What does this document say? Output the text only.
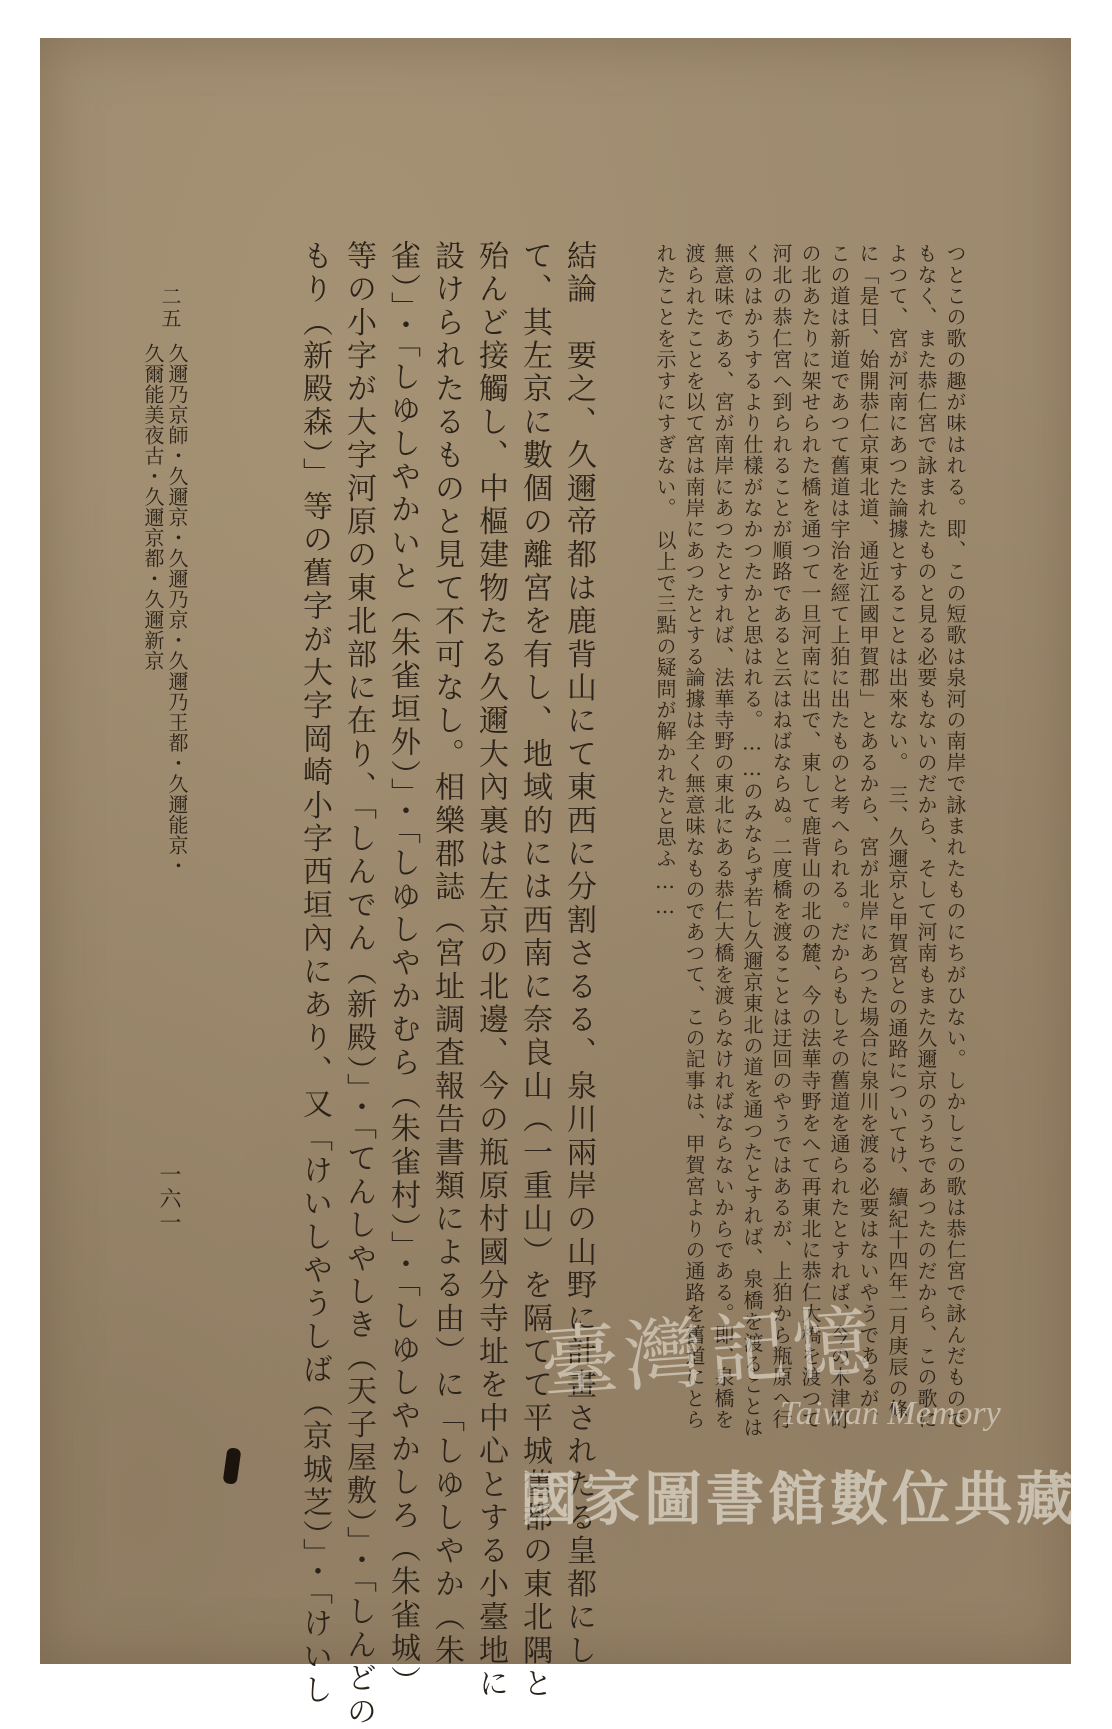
つとこの歌の趣が味はれる。即、この短歌は泉河の南岸で詠まれたものにちがひない。しかしこの歌は恭仁宮で詠んだもので
もなく、また恭仁宮で詠まれたものと見る必要もないのだから、そして河南もまた久邇京のうちであつたのだから、この歌に
よつて、宮が河南にあつた論據とすることは出來ない。　三、久邇京と甲賀宮との通路についてけ、續紀十四年二月庚辰の條
に「是日、始開恭仁京東北道、通近江國甲賀郡」とあるから、宮が北岸にあつた場合に泉川を渡る必要はないやうであるが、
この道は新道であつて舊道は宇治を經て上狛に出たものと考へられる。だからもしその舊道を通られたとすれば、今の木津町
の北あたりに架せられた橋を通つて一旦河南に出で、東して鹿背山の北の麓、今の法華寺野をへて再東北に恭仁大橋を渡つて
河北の恭仁宮へ到られることが順路であると云はねばならぬ。二度橋を渡ることは迂回のやうではあるが、上狛から瓶原へ行
くのはかうするより仕樣がなかつたかと思はれる。……のみならず若し久邇京東北の道を通つたとすれば、泉橋を渡ることは
無意味である、宮が南岸にあつたとすれば、法華寺野の東北にある恭仁大橋を渡らなければならないからである。即、泉橋を
渡られたことを以て宮は南岸にあつたとする論據は全く無意味なものであつて、この記事は、甲賀宮よりの通路を舊道にとら
れたことを示すにすぎない。　以上で三點の疑問が解かれたと思ふ……
結論　要之、久邇帝都は鹿背山にて東西に分割さるる、泉川兩岸の山野に計畫されたる皇都にし
て、其左京に數個の離宮を有し、地域的には西南に奈良山（一重山）を隔てて平城舊都の東北隅と
殆んど接觸し、中樞建物たる久邇大內裏は左京の北邊、今の瓶原村國分寺址を中心とする小臺地に
設けられたるものと見て不可なし。相樂郡誌（宮址調査報告書類による由）に「しゆしやか（朱
雀）」・「しゆしやかいと（朱雀垣外）」・「しゆしやかむら（朱雀村）」・「しゆしやかしろ（朱雀城）
等の小字が大字河原の東北部に在り、「しんでん（新殿）」・「てんしやしき（天子屋敷）」・「しんどの
もり（新殿森）」等の舊字が大字岡崎小字西垣內にあり、又「けいしやうしば（京城芝）」・「けいし
二五
久邇乃京師・久邇京・久邇乃京・久邇乃王都・久邇能京・
久爾能美夜古・久邇京都・久邇新京
一六一
臺灣記憶
Taiwan Memory
國家圖書館數位典藏
